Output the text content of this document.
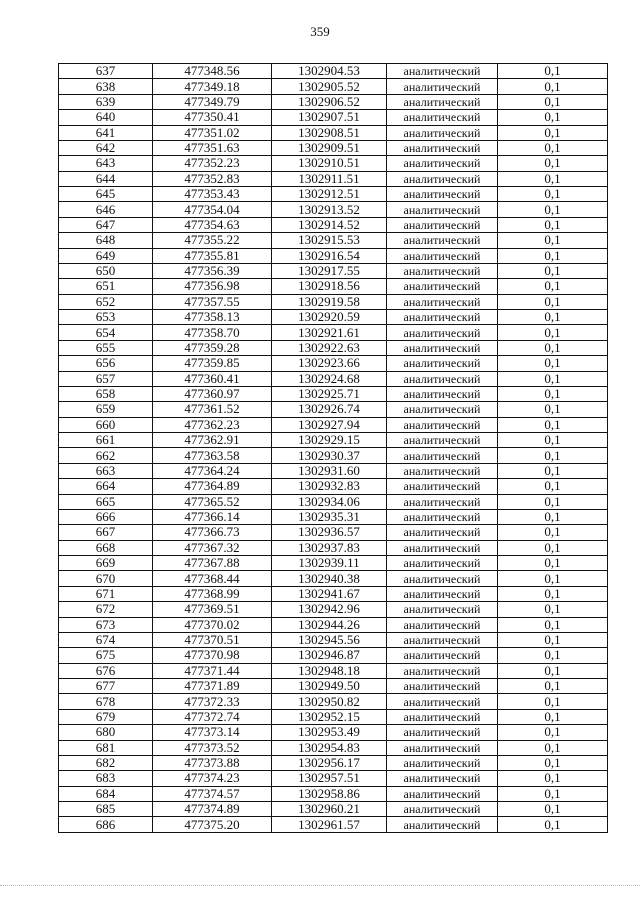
359
637	477348.56	1302904.53	аналитический	0,1
638	477349.18	1302905.52	аналитический	0,1
639	477349.79	1302906.52	аналитический	0,1
640	477350.41	1302907.51	аналитический	0,1
641	477351.02	1302908.51	аналитический	0,1
642	477351.63	1302909.51	аналитический	0,1
643	477352.23	1302910.51	аналитический	0,1
644	477352.83	1302911.51	аналитический	0,1
645	477353.43	1302912.51	аналитический	0,1
646	477354.04	1302913.52	аналитический	0,1
647	477354.63	1302914.52	аналитический	0,1
648	477355.22	1302915.53	аналитический	0,1
649	477355.81	1302916.54	аналитический	0,1
650	477356.39	1302917.55	аналитический	0,1
651	477356.98	1302918.56	аналитический	0,1
652	477357.55	1302919.58	аналитический	0,1
653	477358.13	1302920.59	аналитический	0,1
654	477358.70	1302921.61	аналитический	0,1
655	477359.28	1302922.63	аналитический	0,1
656	477359.85	1302923.66	аналитический	0,1
657	477360.41	1302924.68	аналитический	0,1
658	477360.97	1302925.71	аналитический	0,1
659	477361.52	1302926.74	аналитический	0,1
660	477362.23	1302927.94	аналитический	0,1
661	477362.91	1302929.15	аналитический	0,1
662	477363.58	1302930.37	аналитический	0,1
663	477364.24	1302931.60	аналитический	0,1
664	477364.89	1302932.83	аналитический	0,1
665	477365.52	1302934.06	аналитический	0,1
666	477366.14	1302935.31	аналитический	0,1
667	477366.73	1302936.57	аналитический	0,1
668	477367.32	1302937.83	аналитический	0,1
669	477367.88	1302939.11	аналитический	0,1
670	477368.44	1302940.38	аналитический	0,1
671	477368.99	1302941.67	аналитический	0,1
672	477369.51	1302942.96	аналитический	0,1
673	477370.02	1302944.26	аналитический	0,1
674	477370.51	1302945.56	аналитический	0,1
675	477370.98	1302946.87	аналитический	0,1
676	477371.44	1302948.18	аналитический	0,1
677	477371.89	1302949.50	аналитический	0,1
678	477372.33	1302950.82	аналитический	0,1
679	477372.74	1302952.15	аналитический	0,1
680	477373.14	1302953.49	аналитический	0,1
681	477373.52	1302954.83	аналитический	0,1
682	477373.88	1302956.17	аналитический	0,1
683	477374.23	1302957.51	аналитический	0,1
684	477374.57	1302958.86	аналитический	0,1
685	477374.89	1302960.21	аналитический	0,1
686	477375.20	1302961.57	аналитический	0,1
